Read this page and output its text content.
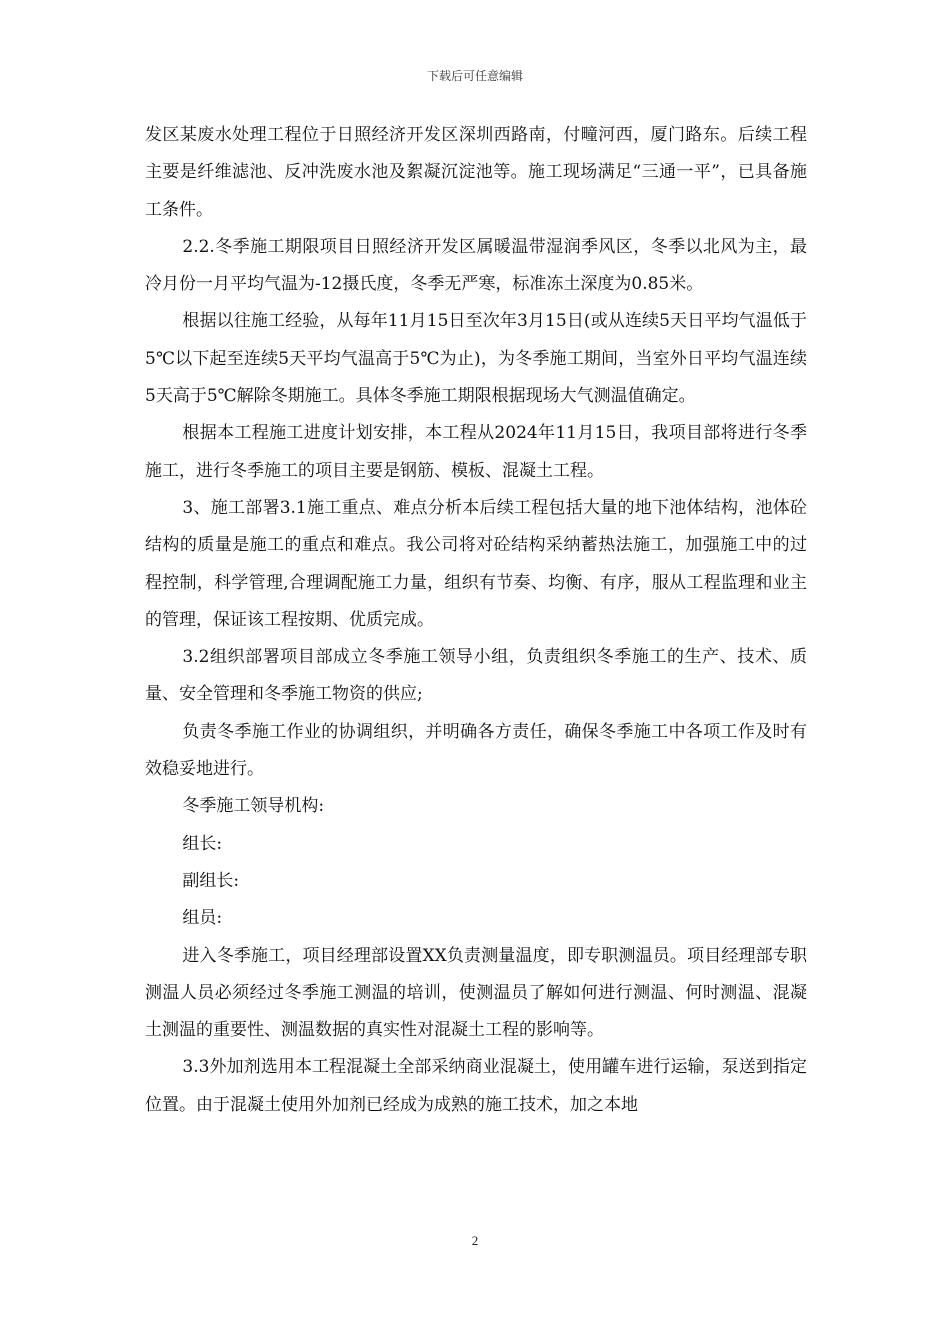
下载后可任意编辑

发区某废水处理工程位于日照经济开发区深圳西路南，付疃河西，厦门路东。后续工程主要是纤维滤池、反冲洗废水池及絮凝沉淀池等。施工现场满足“三通一平”，已具备施工条件。

2.2.冬季施工期限项目日照经济开发区属暖温带湿润季风区，冬季以北风为主，最冷月份一月平均气温为-12摄氏度，冬季无严寒，标准冻土深度为0.85米。

根据以往施工经验，从每年11月15日至次年3月15日(或从连续5天日平均气温低于5℃以下起至连续5天平均气温高于5℃为止)，为冬季施工期间，当室外日平均气温连续5天高于5℃解除冬期施工。具体冬季施工期限根据现场大气测温值确定。

根据本工程施工进度计划安排，本工程从2024年11月15日，我项目部将进行冬季施工，进行冬季施工的项目主要是钢筋、模板、混凝土工程。

3、施工部署3.1施工重点、难点分析本后续工程包括大量的地下池体结构，池体砼结构的质量是施工的重点和难点。我公司将对砼结构采纳蓄热法施工，加强施工中的过程控制，科学管理,合理调配施工力量，组织有节奏、均衡、有序，服从工程监理和业主的管理，保证该工程按期、优质完成。

3.2组织部署项目部成立冬季施工领导小组，负责组织冬季施工的生产、技术、质量、安全管理和冬季施工物资的供应;

负责冬季施工作业的协调组织，并明确各方责任，确保冬季施工中各项工作及时有效稳妥地进行。

冬季施工领导机构:

组长:

副组长:

组员:

进入冬季施工，项目经理部设置XX负责测量温度，即专职测温员。项目经理部专职测温人员必须经过冬季施工测温的培训，使测温员了解如何进行测温、何时测温、混凝土测温的重要性、测温数据的真实性对混凝土工程的影响等。

3.3外加剂选用本工程混凝土全部采纳商业混凝土，使用罐车进行运输，泵送到指定位置。由于混凝土使用外加剂已经成为成熟的施工技术，加之本地

2
